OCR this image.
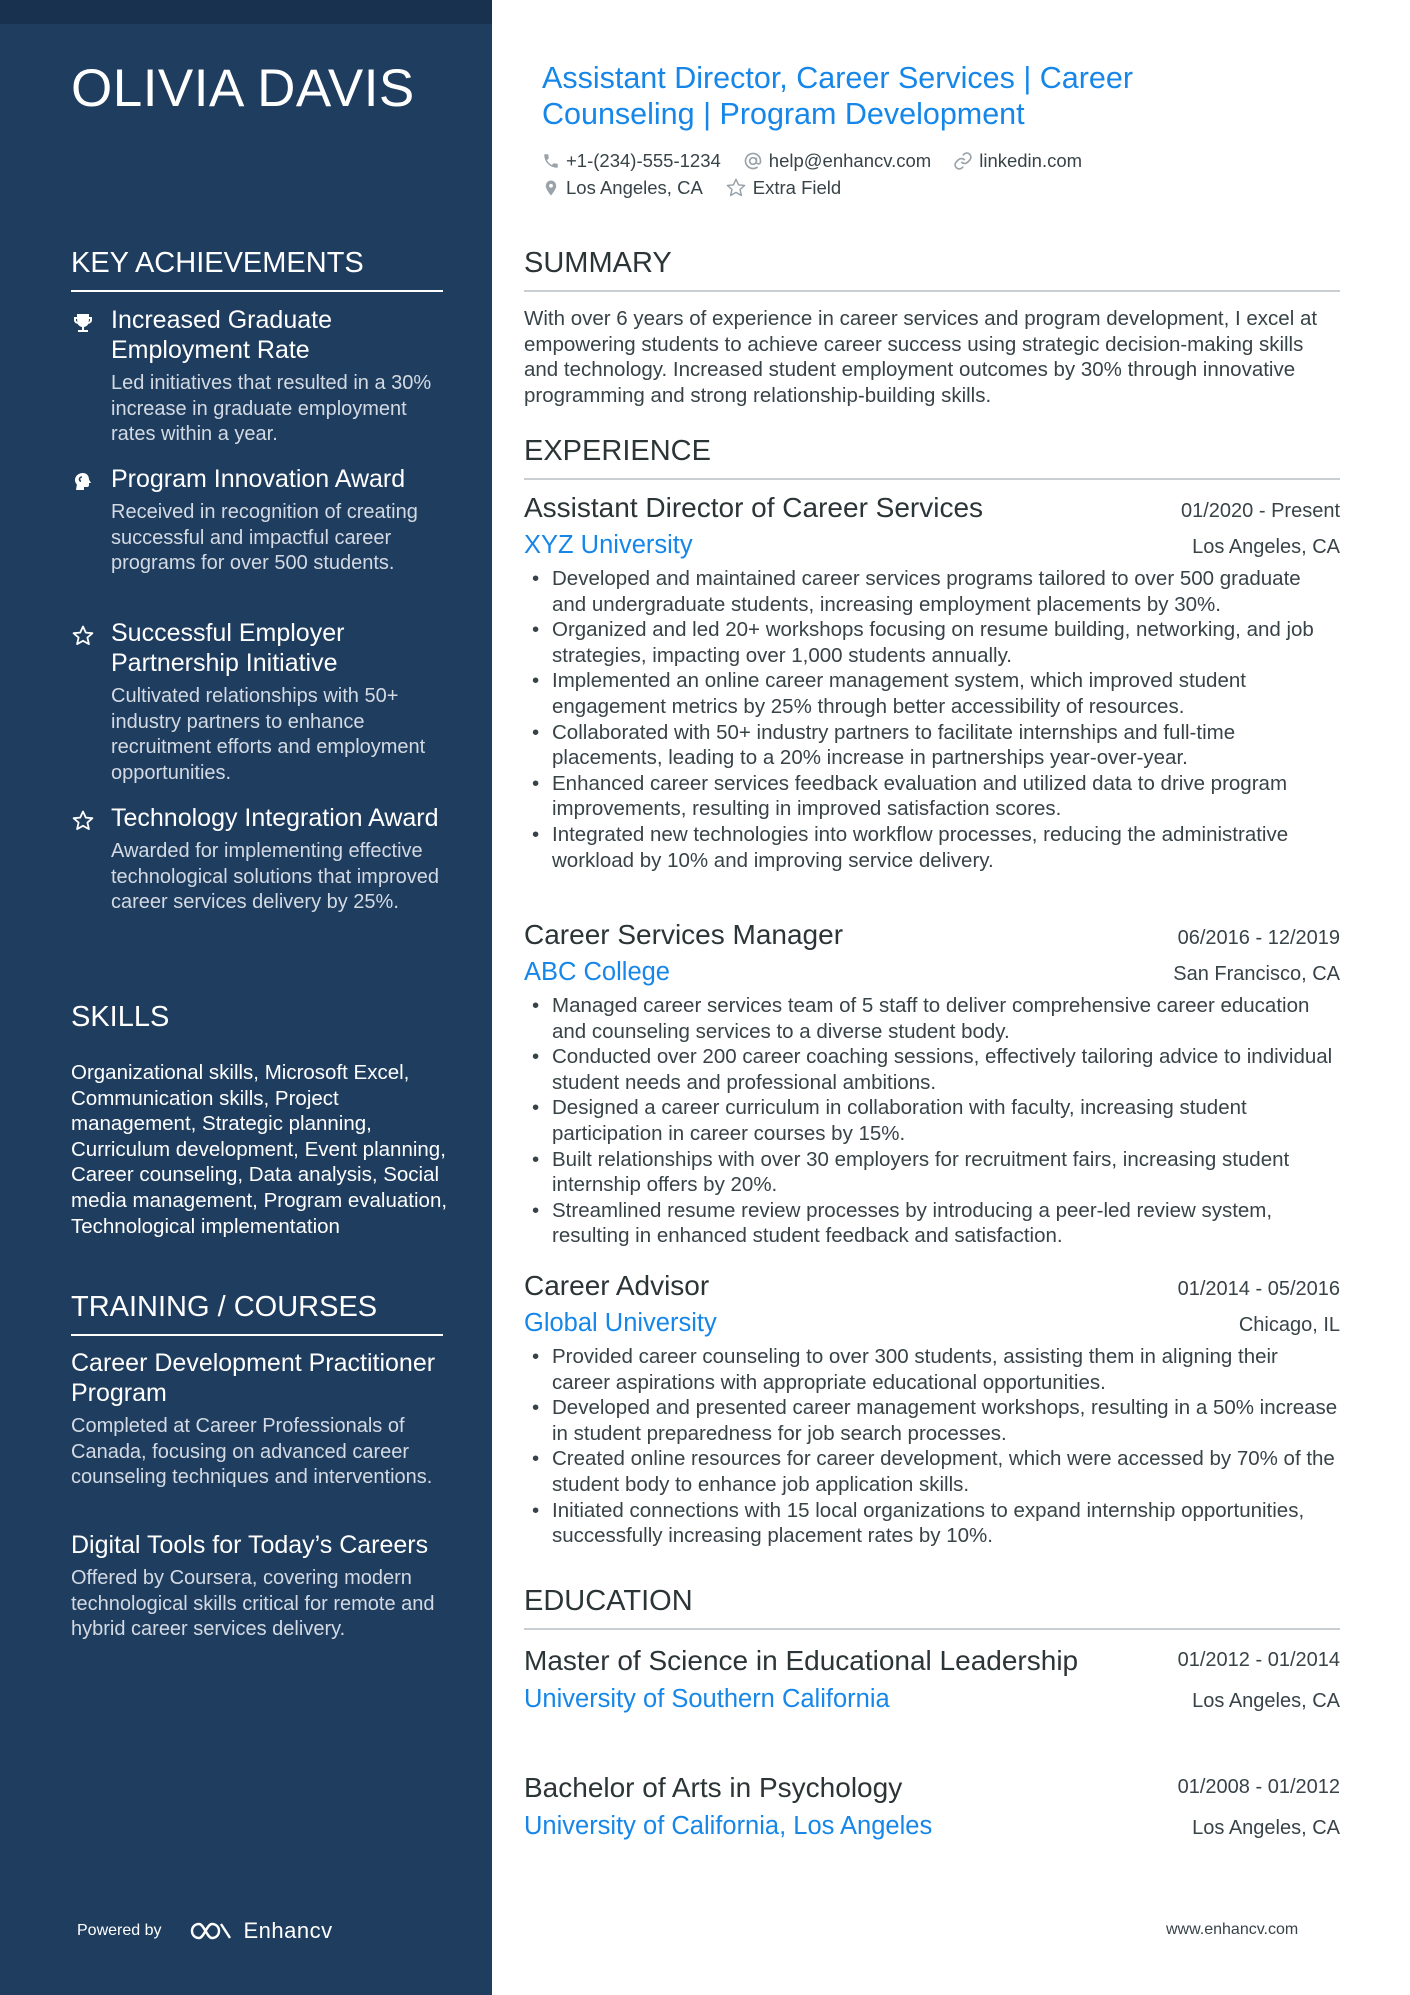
OLIVIA DAVIS
KEY ACHIEVEMENTS
Increased Graduate Employment Rate
Led initiatives that resulted in a 30% increase in graduate employment rates within a year.
Program Innovation Award
Received in recognition of creating successful and impactful career programs for over 500 students.
Successful Employer Partnership Initiative
Cultivated relationships with 50+ industry partners to enhance recruitment efforts and employment opportunities.
Technology Integration Award
Awarded for implementing effective technological solutions that improved career services delivery by 25%.
SKILLS
Organizational skills, Microsoft Excel, Communication skills, Project management, Strategic planning, Curriculum development, Event planning, Career counseling, Data analysis, Social media management, Program evaluation, Technological implementation
TRAINING / COURSES
Career Development Practitioner Program
Completed at Career Professionals of Canada, focusing on advanced career counseling techniques and interventions.
Digital Tools for Today’s Careers
Offered by Coursera, covering modern technological skills critical for remote and hybrid career services delivery.
Powered by	Enhancv
Assistant Director, Career Services | Career Counseling | Program Development
+1-(234)-555-1234	help@enhancv.com	linkedin.com
Los Angeles, CA	Extra Field
SUMMARY
With over 6 years of experience in career services and program development, I excel at empowering students to achieve career success using strategic decision-making skills and technology. Increased student employment outcomes by 30% through innovative programming and strong relationship-building skills.
EXPERIENCE
Assistant Director of Career Services	01/2020 - Present
XYZ University	Los Angeles, CA
• Developed and maintained career services programs tailored to over 500 graduate and undergraduate students, increasing employment placements by 30%.
• Organized and led 20+ workshops focusing on resume building, networking, and job strategies, impacting over 1,000 students annually.
• Implemented an online career management system, which improved student engagement metrics by 25% through better accessibility of resources.
• Collaborated with 50+ industry partners to facilitate internships and full-time placements, leading to a 20% increase in partnerships year-over-year.
• Enhanced career services feedback evaluation and utilized data to drive program improvements, resulting in improved satisfaction scores.
• Integrated new technologies into workflow processes, reducing the administrative workload by 10% and improving service delivery.
Career Services Manager	06/2016 - 12/2019
ABC College	San Francisco, CA
• Managed career services team of 5 staff to deliver comprehensive career education and counseling services to a diverse student body.
• Conducted over 200 career coaching sessions, effectively tailoring advice to individual student needs and professional ambitions.
• Designed a career curriculum in collaboration with faculty, increasing student participation in career courses by 15%.
• Built relationships with over 30 employers for recruitment fairs, increasing student internship offers by 20%.
• Streamlined resume review processes by introducing a peer-led review system, resulting in enhanced student feedback and satisfaction.
Career Advisor	01/2014 - 05/2016
Global University	Chicago, IL
• Provided career counseling to over 300 students, assisting them in aligning their career aspirations with appropriate educational opportunities.
• Developed and presented career management workshops, resulting in a 50% increase in student preparedness for job search processes.
• Created online resources for career development, which were accessed by 70% of the student body to enhance job application skills.
• Initiated connections with 15 local organizations to expand internship opportunities, successfully increasing placement rates by 10%.
EDUCATION
Master of Science in Educational Leadership	01/2012 - 01/2014
University of Southern California	Los Angeles, CA
Bachelor of Arts in Psychology	01/2008 - 01/2012
University of California, Los Angeles	Los Angeles, CA
www.enhancv.com
